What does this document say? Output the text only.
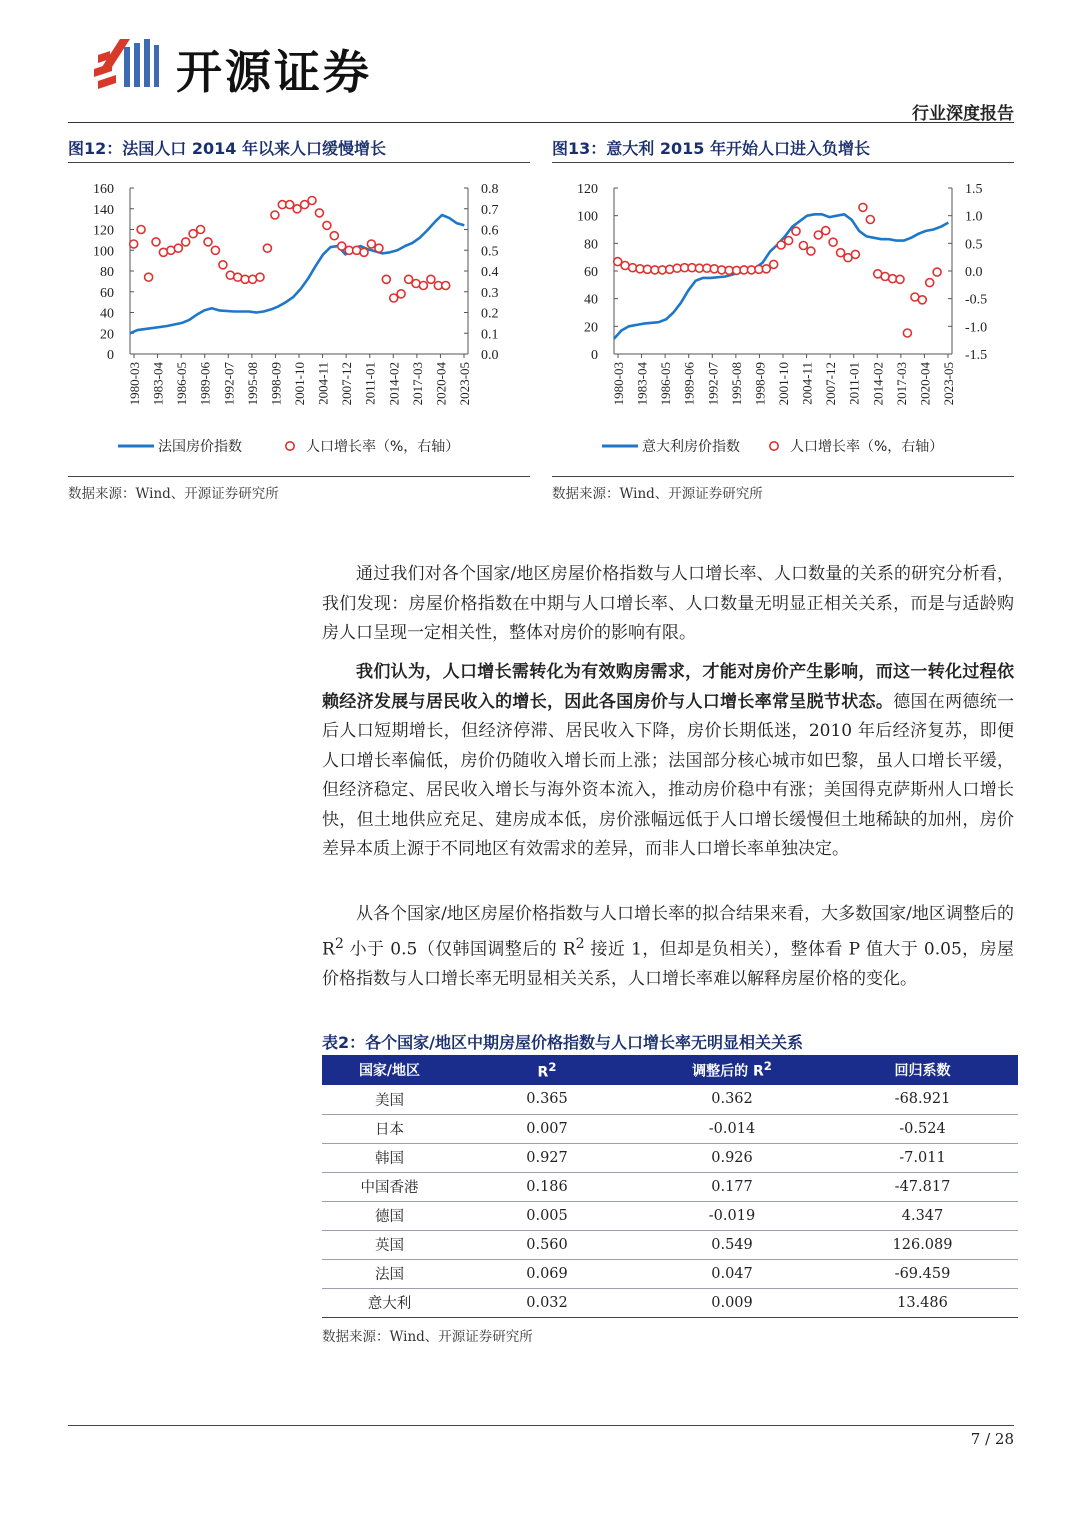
开源证券
行业深度报告
图12：法国人口 2014 年以来人口缓慢增长
0
20
40
60
80
100
120
140
160
0.0
0.1
0.2
0.3
0.4
0.5
0.6
0.7
0.8
1980-03 1983-04 1986-05 1989-06 1992-07 1995-08 1998-09 2001-10 2004-11 2007-12 2011-01 2014-02 2017-03 2020-04 2023-05
法国房价指数	人口增长率（%，右轴）
数据来源：Wind、开源证券研究所
图13：意大利 2015 年开始人口进入负增长
0
20
40
60
80
100
120
-1.5
-1.0
-0.5
0.0
0.5
1.0
1.5
1980-03 1983-04 1986-05 1989-06 1992-07 1995-08 1998-09 2001-10 2004-11 2007-12 2011-01 2014-02 2017-03 2020-04 2023-05
意大利房价指数	人口增长率（%，右轴）
数据来源：Wind、开源证券研究所

通过我们对各个国家/地区房屋价格指数与人口增长率、人口数量的关系的研究分析看，我们发现：房屋价格指数在中期与人口增长率、人口数量无明显正相关关系，而是与适龄购房人口呈现一定相关性，整体对房价的影响有限。

我们认为，人口增长需转化为有效购房需求，才能对房价产生影响，而这一转化过程依赖经济发展与居民收入的增长，因此各国房价与人口增长率常呈脱节状态。德国在两德统一后人口短期增长，但经济停滞、居民收入下降，房价长期低迷，2010 年后经济复苏，即便人口增长率偏低，房价仍随收入增长而上涨；法国部分核心城市如巴黎，虽人口增长平缓，但经济稳定、居民收入增长与海外资本流入，推动房价稳中有涨；美国得克萨斯州人口增长快，但土地供应充足、建房成本低，房价涨幅远低于人口增长缓慢但土地稀缺的加州，房价差异本质上源于不同地区有效需求的差异，而非人口增长率单独决定。

从各个国家/地区房屋价格指数与人口增长率的拟合结果来看，大多数国家/地区调整后的 $R^2$ 小于 0.5（仅韩国调整后的 $R^2$ 接近 1，但却是负相关），整体看 P 值大于 0.05，房屋价格指数与人口增长率无明显相关关系，人口增长率难以解释房屋价格的变化。

表2：各个国家/地区中期房屋价格指数与人口增长率无明显相关关系
国家/地区	$R^2$	调整后的 $R^2$	回归系数
美国	0.365	0.362	-68.921
日本	0.007	-0.014	-0.524
韩国	0.927	0.926	-7.011
中国香港	0.186	0.177	-47.817
德国	0.005	-0.019	4.347
英国	0.560	0.549	126.089
法国	0.069	0.047	-69.459
意大利	0.032	0.009	13.486
数据来源：Wind、开源证券研究所
7 / 28
